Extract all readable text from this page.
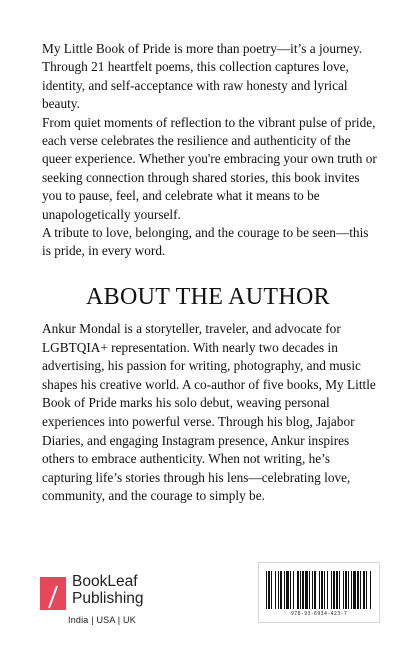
My Little Book of Pride is more than poetry—it’s a journey. Through 21 heartfelt poems, this collection captures love, identity, and self-acceptance with raw honesty and lyrical beauty.

From quiet moments of reflection to the vibrant pulse of pride, each verse celebrates the resilience and authenticity of the queer experience. Whether you're embracing your own truth or seeking connection through shared stories, this book invites you to pause, feel, and celebrate what it means to be unapologetically yourself.

A tribute to love, belonging, and the courage to be seen—this is pride, in every word.

ABOUT THE AUTHOR
Ankur Mondal is a storyteller, traveler, and advocate for LGBTQIA+ representation. With nearly two decades in advertising, his passion for writing, photography, and music shapes his creative world. A co-author of five books, My Little Book of Pride marks his solo debut, weaving personal experiences into powerful verse. Through his blog, Jajabor Diaries, and engaging Instagram presence, Ankur inspires others to embrace authenticity. When not writing, he’s capturing life’s stories through his lens—celebrating love, community, and the courage to simply be.
BookLeaf
Publishing
India | USA | UK
978-93-6934-423-7
